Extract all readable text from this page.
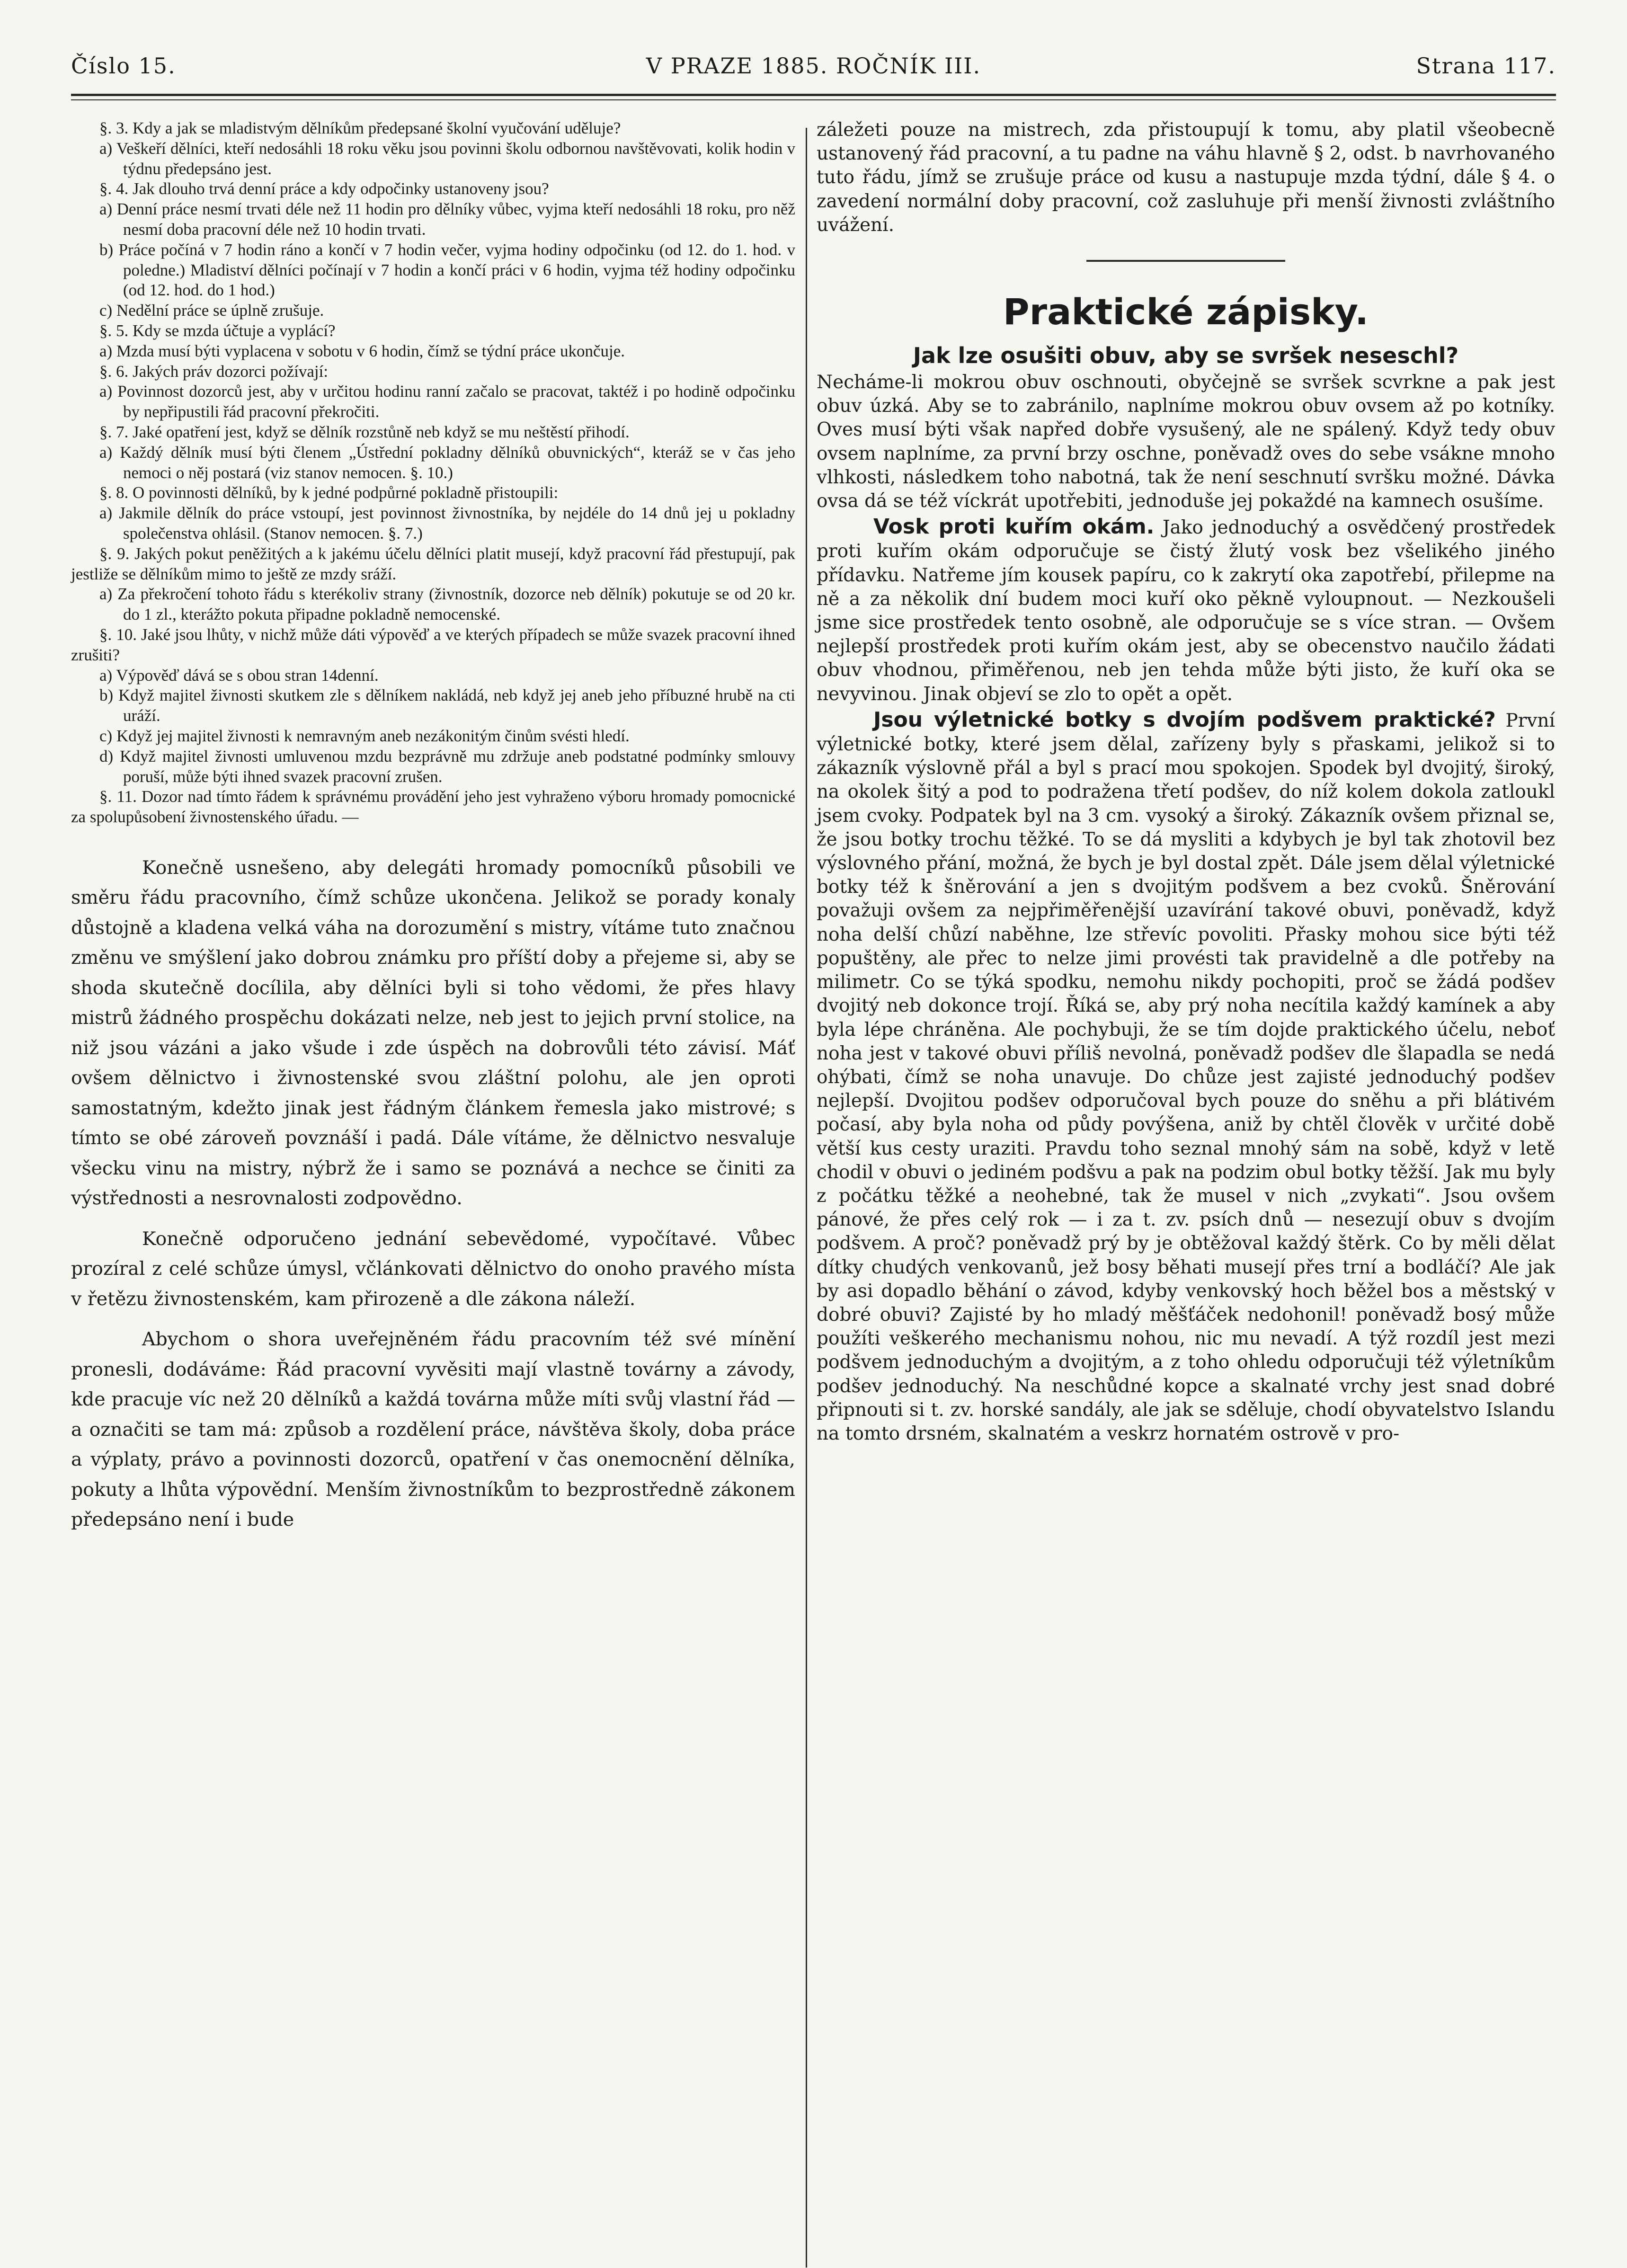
Číslo 15.	V PRAZE 1885. ROČNÍK III.	Strana 117.

§. 3. Kdy a jak se mladistvým dělníkům předepsané školní vyučování uděluje?

a) Veškeří dělníci, kteří nedosáhli 18 roku věku jsou povinni školu odbornou navštěvovati, kolik hodin v týdnu předepsáno jest.

§. 4. Jak dlouho trvá denní práce a kdy odpočinky ustanoveny jsou?

a) Denní práce nesmí trvati déle než 11 hodin pro dělníky vůbec, vyjma kteří nedosáhli 18 roku, pro něž nesmí doba pracovní déle než 10 hodin trvati.

b) Práce počíná v 7 hodin ráno a končí v 7 hodin večer, vyjma hodiny odpočinku (od 12. do 1. hod. v poledne.) Mladiství dělníci počínají v 7 hodin a končí práci v 6 hodin, vyjma též hodiny odpočinku (od 12. hod. do 1 hod.)

c) Nedělní práce se úplně zrušuje.

§. 5. Kdy se mzda účtuje a vyplácí?

a) Mzda musí býti vyplacena v sobotu v 6 hodin, čímž se týdní práce ukončuje.

§. 6. Jakých práv dozorci požívají:

a) Povinnost dozorců jest, aby v určitou hodinu ranní začalo se pracovat, taktéž i po hodině odpočinku by nepřipustili řád pracovní překročiti.

§. 7. Jaké opatření jest, když se dělník rozstůně neb když se mu neštěstí přihodí.

a) Každý dělník musí býti členem „Ústřední pokladny dělníků obuvnických“, kteráž se v čas jeho nemoci o něj postará (viz stanov nemocen. §. 10.)

§. 8. O povinnosti dělníků, by k jedné podpůrné pokladně přistoupili:

a) Jakmile dělník do práce vstoupí, jest povinnost živnostníka, by nejdéle do 14 dnů jej u pokladny společenstva ohlásil. (Stanov nemocen. §. 7.)

§. 9. Jakých pokut peněžitých a k jakému účelu dělníci platit musejí, když pracovní řád přestupují, pak jestliže se dělníkům mimo to ještě ze mzdy sráží.

a) Za překročení tohoto řádu s kterékoliv strany (živnostník, dozorce neb dělník) pokutuje se od 20 kr. do 1 zl., kterážto pokuta připadne pokladně nemocenské.

§. 10. Jaké jsou lhůty, v nichž může dáti výpověď a ve kterých případech se může svazek pracovní ihned zrušiti?

a) Výpověď dává se s obou stran 14denní.

b) Když majitel živnosti skutkem zle s dělníkem nakládá, neb když jej aneb jeho příbuzné hrubě na cti uráží.

c) Když jej majitel živnosti k nemravným aneb nezákonitým činům svésti hledí.

d) Když majitel živnosti umluvenou mzdu bezprávně mu zdržuje aneb podstatné podmínky smlouvy poruší, může býti ihned svazek pracovní zrušen.

§. 11. Dozor nad tímto řádem k správnému provádění jeho jest vyhraženo výboru hromady pomocnické za spolupůsobení živnostenského úřadu. —

Konečně usnešeno, aby delegáti hromady pomocníků působili ve směru řádu pracovního, čímž schůze ukončena. Jelikož se porady konaly důstojně a kladena velká váha na dorozumění s mistry, vítáme tuto značnou změnu ve smýšlení jako dobrou známku pro příští doby a přejeme si, aby se shoda skutečně docílila, aby dělníci byli si toho vědomi, že přes hlavy mistrů žádného prospěchu dokázati nelze, neb jest to jejich první stolice, na niž jsou vázáni a jako všude i zde úspěch na dobrovůli této závisí. Máť ovšem dělnictvo i živnostenské svou zláštní polohu, ale jen oproti samostatným, kdežto jinak jest řádným článkem řemesla jako mistrové; s tímto se obé zároveň povznáší i padá. Dále vítáme, že dělnictvo nesvaluje všecku vinu na mistry, nýbrž že i samo se poznává a nechce se činiti za výstřednosti a nesrovnalosti zodpovědno.

Konečně odporučeno jednání sebevědomé, vypočítavé. Vůbec prozíral z celé schůze úmysl, včlánkovati dělnictvo do onoho pravého místa v řetězu živnostenském, kam přirozeně a dle zákona náleží.

Abychom o shora uveřejněném řádu pracovním též své mínění pronesli, dodáváme: Řád pracovní vyvěsiti mají vlastně továrny a závody, kde pracuje víc než 20 dělníků a každá továrna může míti svůj vlastní řád — a označiti se tam má: způsob a rozdělení práce, návštěva školy, doba práce a výplaty, právo a povinnosti dozorců, opatření v čas onemocnění dělníka, pokuty a lhůta výpovědní. Menším živnostníkům to bezprostředně zákonem předepsáno není i bude

záležeti pouze na mistrech, zda přistoupují k tomu, aby platil všeobecně ustanovený řád pracovní, a tu padne na váhu hlavně § 2, odst. b navrhovaného tuto řádu, jímž se zrušuje práce od kusu a nastupuje mzda týdní, dále § 4. o zavedení normální doby pracovní, což zasluhuje při menší živnosti zvláštního uvážení.

Praktické zápisky.
Jak lze osušiti obuv, aby se svršek neseschl?

Necháme-li mokrou obuv oschnouti, obyčejně se svršek scvrkne a pak jest obuv úzká. Aby se to zabránilo, naplníme mokrou obuv ovsem až po kotníky. Oves musí býti však napřed dobře vysušený, ale ne spálený. Když tedy obuv ovsem naplníme, za první brzy oschne, poněvadž oves do sebe vsákne mnoho vlhkosti, následkem toho nabotná, tak že není seschnutí svršku možné. Dávka ovsa dá se též víckrát upotřebiti, jednoduše jej pokaždé na kamnech osušíme.

Vosk proti kuřím okám. Jako jednoduchý a osvědčený prostředek proti kuřím okám odporučuje se čistý žlutý vosk bez všelikého jiného přídavku. Natřeme jím kousek papíru, co k zakrytí oka zapotřebí, přilepme na ně a za několik dní budem moci kuří oko pěkně vyloupnout. — Nezkoušeli jsme sice prostředek tento osobně, ale odporučuje se s více stran. — Ovšem nejlepší prostředek proti kuřím okám jest, aby se obecenstvo naučilo žádati obuv vhodnou, přiměřenou, neb jen tehda může býti jisto, že kuří oka se nevyvinou. Jinak objeví se zlo to opět a opět.

Jsou výletnické botky s dvojím podšvem praktické? První výletnické botky, které jsem dělal, zařízeny byly s přaskami, jelikož si to zákazník výslovně přál a byl s prací mou spokojen. Spodek byl dvojitý, široký, na okolek šitý a pod to podražena třetí podšev, do níž kolem dokola zatloukl jsem cvoky. Podpatek byl na 3 cm. vysoký a široký. Zákazník ovšem přiznal se, že jsou botky trochu těžké. To se dá mysliti a kdybych je byl tak zhotovil bez výslovného přání, možná, že bych je byl dostal zpět. Dále jsem dělal výletnické botky též k šněrování a jen s dvojitým podšvem a bez cvoků. Šněrování považuji ovšem za nejpřiměřenější uzavírání takové obuvi, poněvadž, když noha delší chůzí naběhne, lze střevíc povoliti. Přasky mohou sice býti též popuštěny, ale přec to nelze jimi provésti tak pravidelně a dle potřeby na milimetr. Co se týká spodku, nemohu nikdy pochopiti, proč se žádá podšev dvojitý neb dokonce trojí. Říká se, aby prý noha necítila každý kamínek a aby byla lépe chráněna. Ale pochybuji, že se tím dojde praktického účelu, neboť noha jest v takové obuvi příliš nevolná, poněvadž podšev dle šlapadla se nedá ohýbati, čímž se noha unavuje. Do chůze jest zajisté jednoduchý podšev nejlepší. Dvojitou podšev odporučoval bych pouze do sněhu a při blátivém počasí, aby byla noha od půdy povýšena, aniž by chtěl člověk v určité době větší kus cesty uraziti. Pravdu toho seznal mnohý sám na sobě, když v letě chodil v obuvi o jediném podšvu a pak na podzim obul botky těžší. Jak mu byly z počátku těžké a neohebné, tak že musel v nich „zvykati“. Jsou ovšem pánové, že přes celý rok — i za t. zv. psích dnů — nesezují obuv s dvojím podšvem. A proč? poněvadž prý by je obtěžoval každý štěrk. Co by měli dělat dítky chudých venkovanů, jež bosy běhati musejí přes trní a bodláčí? Ale jak by asi dopadlo běhání o závod, kdyby venkovský hoch běžel bos a městský v dobré obuvi? Zajisté by ho mladý měšťáček nedohonil! poněvadž bosý může použíti veškerého mechanismu nohou, nic mu nevadí. A týž rozdíl jest mezi podšvem jednoduchým a dvojitým, a z toho ohledu odporučuji též výletníkům podšev jednoduchý. Na neschůdné kopce a skalnaté vrchy jest snad dobré připnouti si t. zv. horské sandály, ale jak se sděluje, chodí obyvatelstvo Islandu na tomto drsném, skalnatém a veskrz hornatém ostrově v pro-
